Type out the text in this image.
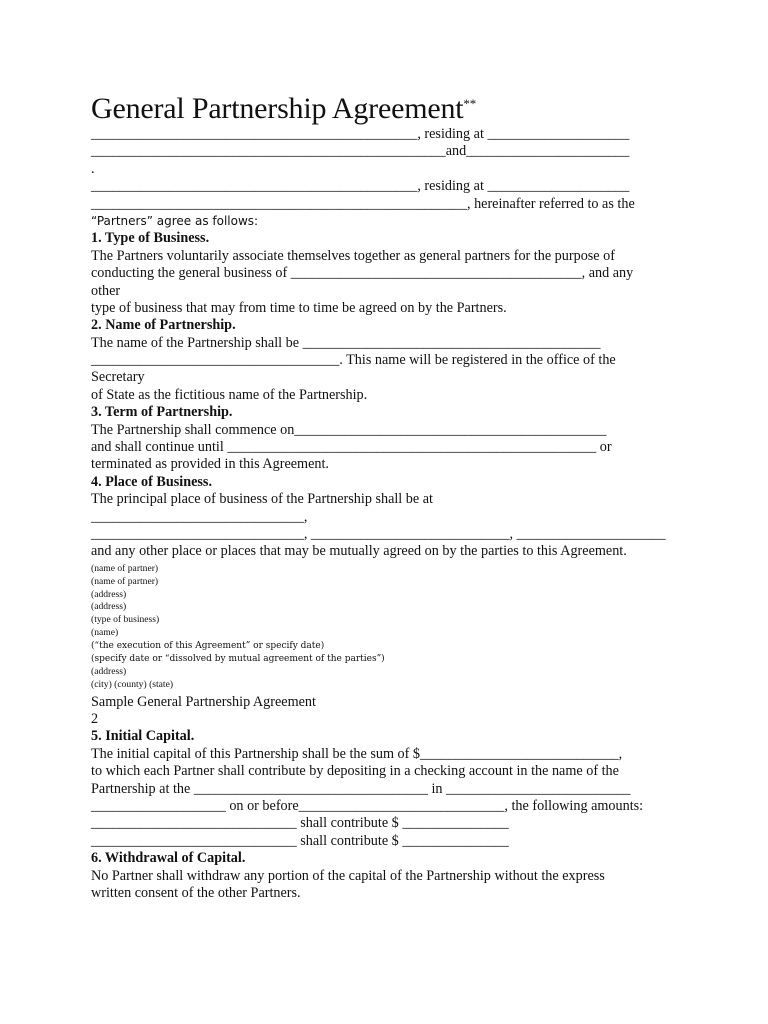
General Partnership Agreement**
______________________________________________, residing at ____________________
__________________________________________________and_______________________
.
______________________________________________, residing at ____________________
_____________________________________________________, hereinafter referred to as the
“Partners” agree as follows:
1. Type of Business.
The Partners voluntarily associate themselves together as general partners for the purpose of
conducting the general business of _________________________________________, and any
other
type of business that may from time to time be agreed on by the Partners.
2. Name of Partnership.
The name of the Partnership shall be __________________________________________
___________________________________. This name will be registered in the office of the
Secretary
of State as the fictitious name of the Partnership.
3. Term of Partnership.
The Partnership shall commence on____________________________________________
and shall continue until ____________________________________________________ or
terminated as provided in this Agreement.
4. Place of Business.
The principal place of business of the Partnership shall be at
______________________________,
______________________________, ____________________________, _____________________
and any other place or places that may be mutually agreed on by the parties to this Agreement.
(name of partner)
(name of partner)
(address)
(address)
(type of business)
(name)
(“the execution of this Agreement” or specify date)
(specify date or “dissolved by mutual agreement of the parties”)
(address)
(city) (county) (state)
Sample General Partnership Agreement
2
5. Initial Capital.
The initial capital of this Partnership shall be the sum of $____________________________,
to which each Partner shall contribute by depositing in a checking account in the name of the
Partnership at the _________________________________ in __________________________
___________________ on or before_____________________________, the following amounts:
_____________________________ shall contribute $ _______________
_____________________________ shall contribute $ _______________
6. Withdrawal of Capital.
No Partner shall withdraw any portion of the capital of the Partnership without the express
written consent of the other Partners.
